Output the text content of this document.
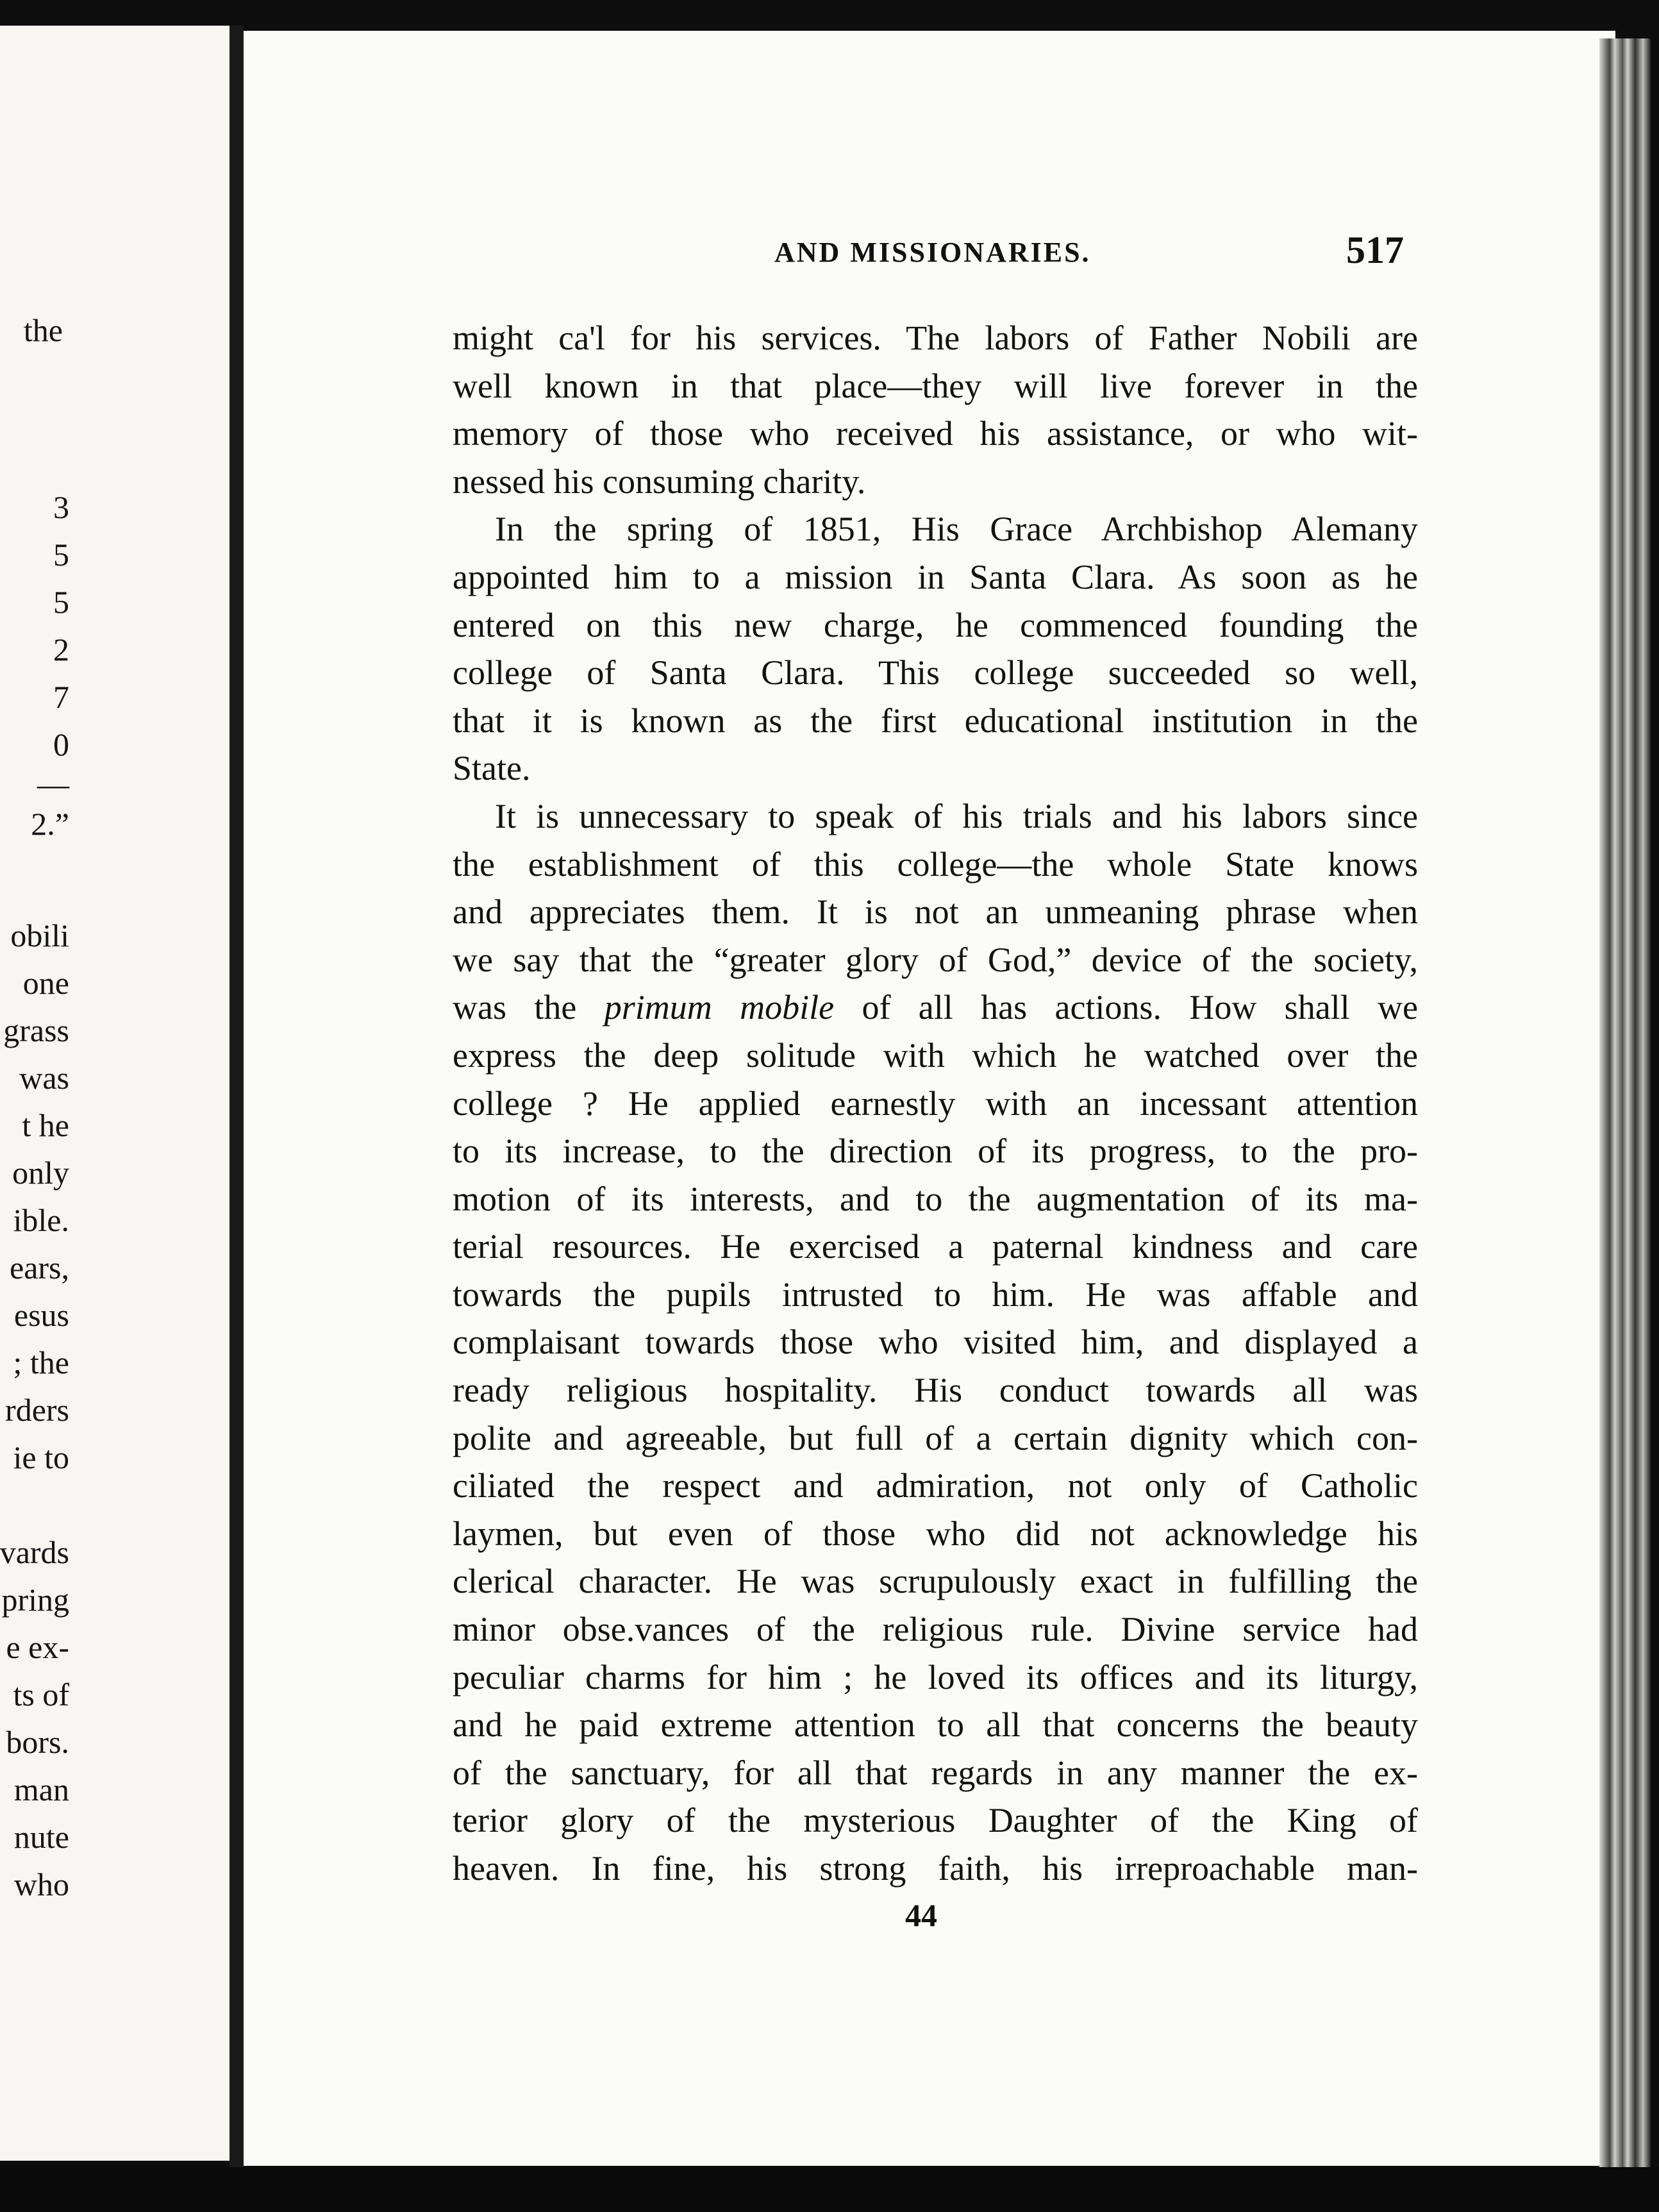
the
3
5
5
2
7
0
—
2.”
obili
one
grass
was
t he
only
ible.
ears,
esus
; the
rders
ie to
vards
pring
e ex-
ts of
bors.
man
nute
who
AND MISSIONARIES.	517
might ca'l for his services. The labors of Father Nobili are
well known in that place—they will live forever in the
memory of those who received his assistance, or who wit-
nessed his consuming charity.
In the spring of 1851, His Grace Archbishop Alemany
appointed him to a mission in Santa Clara. As soon as he
entered on this new charge, he commenced founding the
college of Santa Clara. This college succeeded so well,
that it is known as the first educational institution in the
State.
It is unnecessary to speak of his trials and his labors since
the establishment of this college—the whole State knows
and appreciates them. It is not an unmeaning phrase when
we say that the “greater glory of God,” device of the society,
was the primum mobile of all has actions. How shall we
express the deep solitude with which he watched over the
college ? He applied earnestly with an incessant attention
to its increase, to the direction of its progress, to the pro-
motion of its interests, and to the augmentation of its ma-
terial resources. He exercised a paternal kindness and care
towards the pupils intrusted to him. He was affable and
complaisant towards those who visited him, and displayed a
ready religious hospitality. His conduct towards all was
polite and agreeable, but full of a certain dignity which con-
ciliated the respect and admiration, not only of Catholic
laymen, but even of those who did not acknowledge his
clerical character. He was scrupulously exact in fulfilling the
minor obse.vances of the religious rule. Divine service had
peculiar charms for him ; he loved its offices and its liturgy,
and he paid extreme attention to all that concerns the beauty
of the sanctuary, for all that regards in any manner the ex-
terior glory of the mysterious Daughter of the King of
heaven. In fine, his strong faith, his irreproachable man-
44
